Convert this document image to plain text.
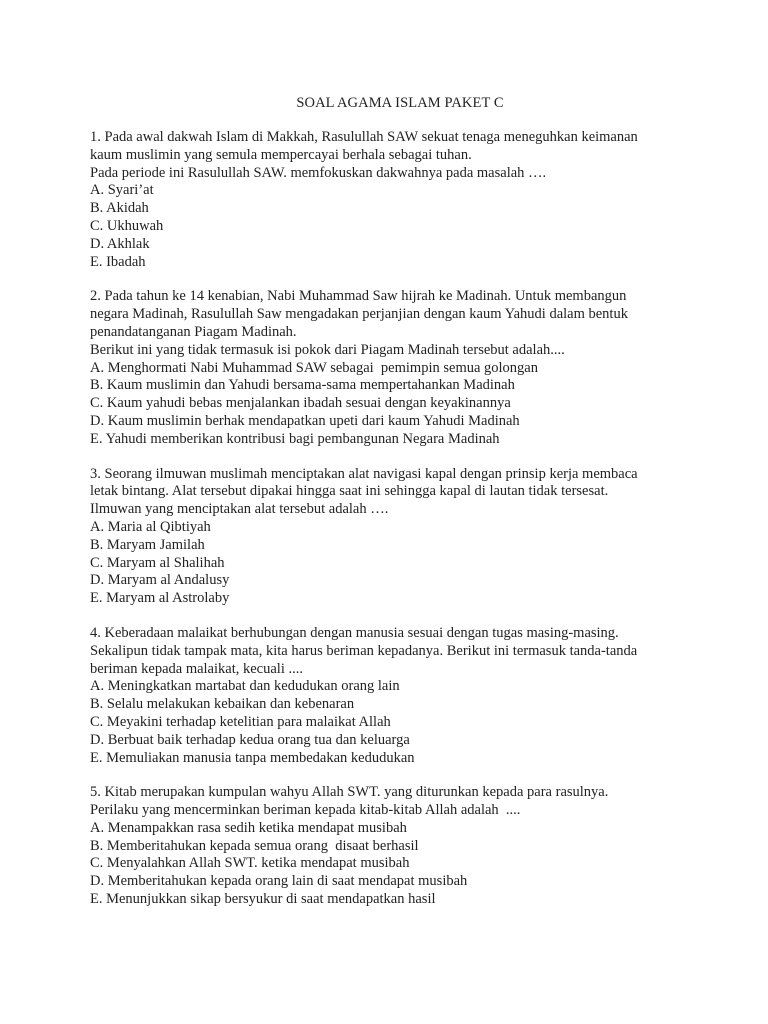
SOAL AGAMA ISLAM PAKET C
1. Pada awal dakwah Islam di Makkah, Rasulullah SAW sekuat tenaga meneguhkan keimanan
kaum muslimin yang semula mempercayai berhala sebagai tuhan.
Pada periode ini Rasulullah SAW. memfokuskan dakwahnya pada masalah ….
A. Syari’at
B. Akidah
C. Ukhuwah
D. Akhlak
E. Ibadah
2. Pada tahun ke 14 kenabian, Nabi Muhammad Saw hijrah ke Madinah. Untuk membangun
negara Madinah, Rasulullah Saw mengadakan perjanjian dengan kaum Yahudi dalam bentuk
penandatanganan Piagam Madinah.
Berikut ini yang tidak termasuk isi pokok dari Piagam Madinah tersebut adalah....
A. Menghormati Nabi Muhammad SAW sebagai  pemimpin semua golongan
B. Kaum muslimin dan Yahudi bersama-sama mempertahankan Madinah
C. Kaum yahudi bebas menjalankan ibadah sesuai dengan keyakinannya
D. Kaum muslimin berhak mendapatkan upeti dari kaum Yahudi Madinah
E. Yahudi memberikan kontribusi bagi pembangunan Negara Madinah
3. Seorang ilmuwan muslimah menciptakan alat navigasi kapal dengan prinsip kerja membaca
letak bintang. Alat tersebut dipakai hingga saat ini sehingga kapal di lautan tidak tersesat.
Ilmuwan yang menciptakan alat tersebut adalah ….
A. Maria al Qibtiyah
B. Maryam Jamilah
C. Maryam al Shalihah
D. Maryam al Andalusy
E. Maryam al Astrolaby
4. Keberadaan malaikat berhubungan dengan manusia sesuai dengan tugas masing-masing.
Sekalipun tidak tampak mata, kita harus beriman kepadanya. Berikut ini termasuk tanda-tanda
beriman kepada malaikat, kecuali ....
A. Meningkatkan martabat dan kedudukan orang lain
B. Selalu melakukan kebaikan dan kebenaran
C. Meyakini terhadap ketelitian para malaikat Allah
D. Berbuat baik terhadap kedua orang tua dan keluarga
E. Memuliakan manusia tanpa membedakan kedudukan
5. Kitab merupakan kumpulan wahyu Allah SWT. yang diturunkan kepada para rasulnya.
Perilaku yang mencerminkan beriman kepada kitab-kitab Allah adalah  ....
A. Menampakkan rasa sedih ketika mendapat musibah
B. Memberitahukan kepada semua orang  disaat berhasil
C. Menyalahkan Allah SWT. ketika mendapat musibah
D. Memberitahukan kepada orang lain di saat mendapat musibah
E. Menunjukkan sikap bersyukur di saat mendapatkan hasil
